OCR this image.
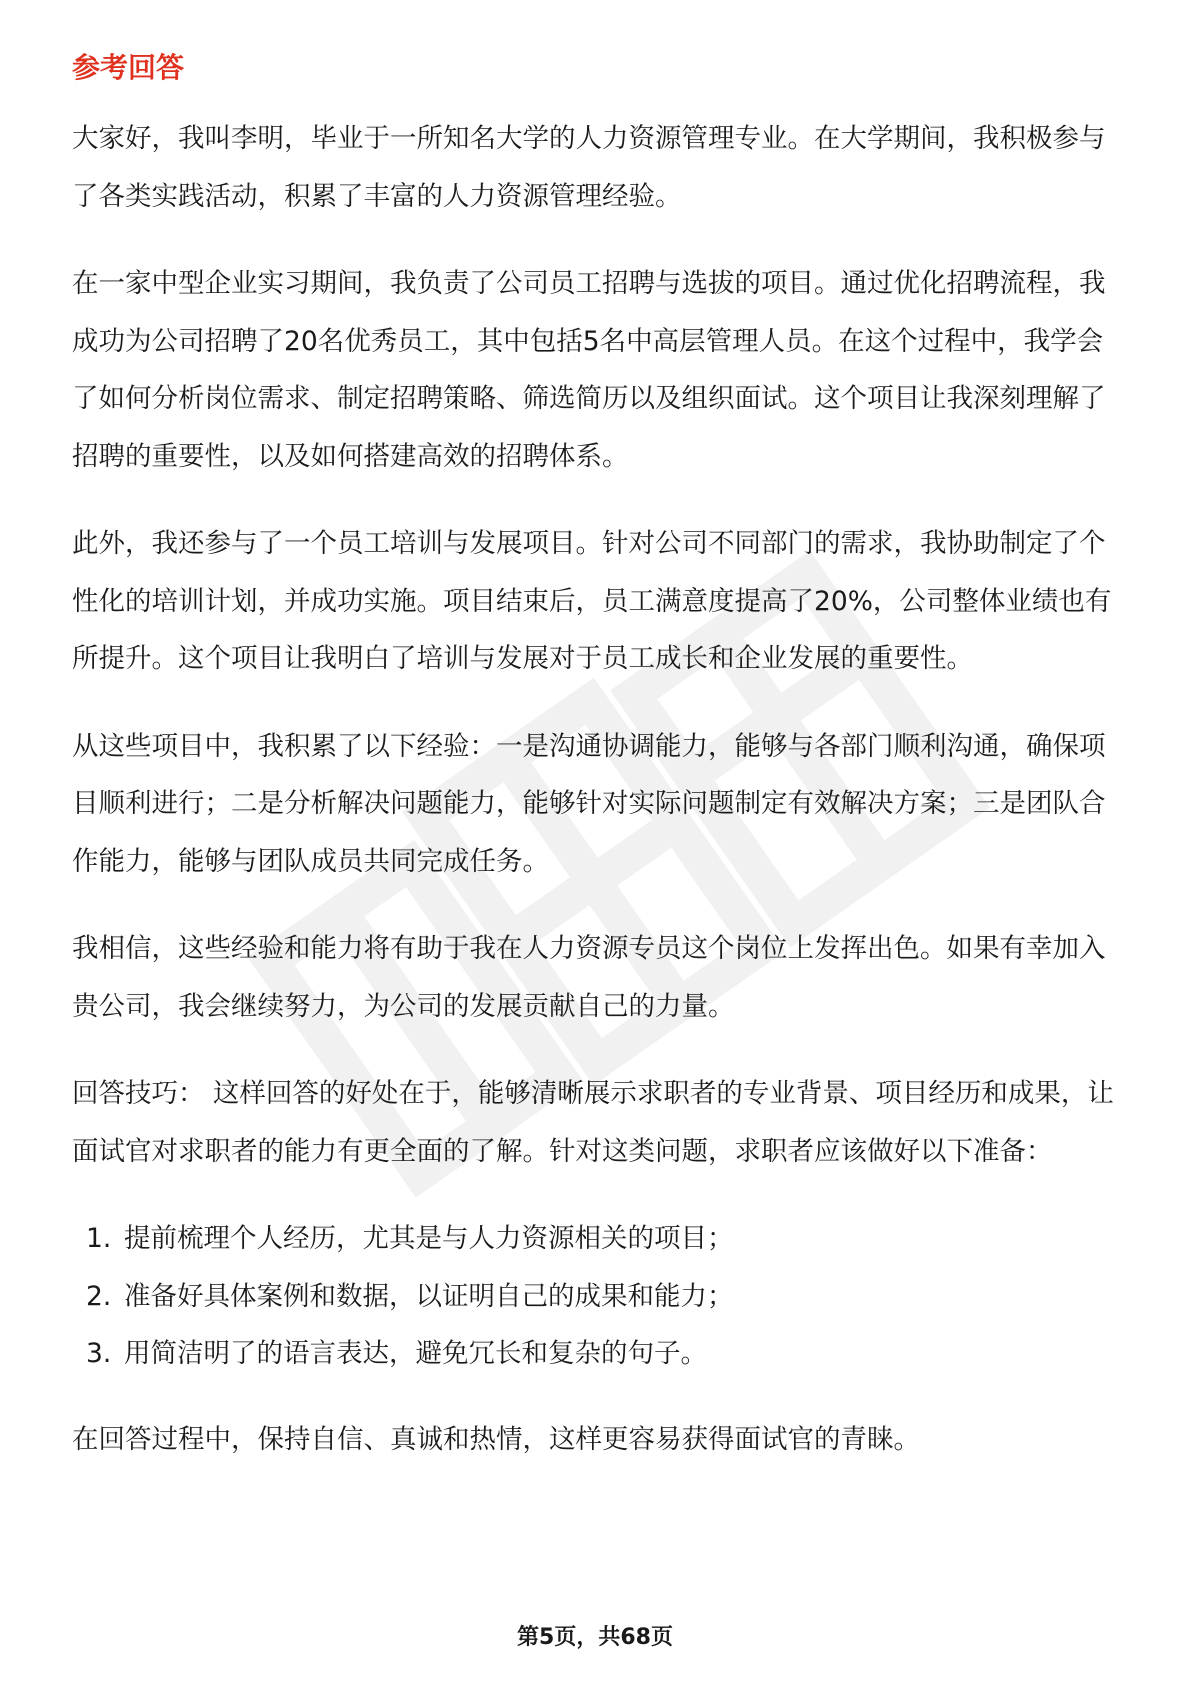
参考回答

大家好，我叫李明，毕业于一所知名大学的人力资源管理专业。在大学期间，我积极参与了各类实践活动，积累了丰富的人力资源管理经验。

在一家中型企业实习期间，我负责了公司员工招聘与选拔的项目。通过优化招聘流程，我成功为公司招聘了20名优秀员工，其中包括5名中高层管理人员。在这个过程中，我学会了如何分析岗位需求、制定招聘策略、筛选简历以及组织面试。这个项目让我深刻理解了招聘的重要性，以及如何搭建高效的招聘体系。

此外，我还参与了一个员工培训与发展项目。针对公司不同部门的需求，我协助制定了个性化的培训计划，并成功实施。项目结束后，员工满意度提高了20%，公司整体业绩也有所提升。这个项目让我明白了培训与发展对于员工成长和企业发展的重要性。

从这些项目中，我积累了以下经验：一是沟通协调能力，能够与各部门顺利沟通，确保项目顺利进行；二是分析解决问题能力，能够针对实际问题制定有效解决方案；三是团队合作能力，能够与团队成员共同完成任务。

我相信，这些经验和能力将有助于我在人力资源专员这个岗位上发挥出色。如果有幸加入贵公司，我会继续努力，为公司的发展贡献自己的力量。

回答技巧： 这样回答的好处在于，能够清晰展示求职者的专业背景、项目经历和成果，让面试官对求职者的能力有更全面的了解。针对这类问题，求职者应该做好以下准备：

1. 提前梳理个人经历，尤其是与人力资源相关的项目；
2. 准备好具体案例和数据，以证明自己的成果和能力；
3. 用简洁明了的语言表达，避免冗长和复杂的句子。

在回答过程中，保持自信、真诚和热情，这样更容易获得面试官的青睐。

第5页，共68页
